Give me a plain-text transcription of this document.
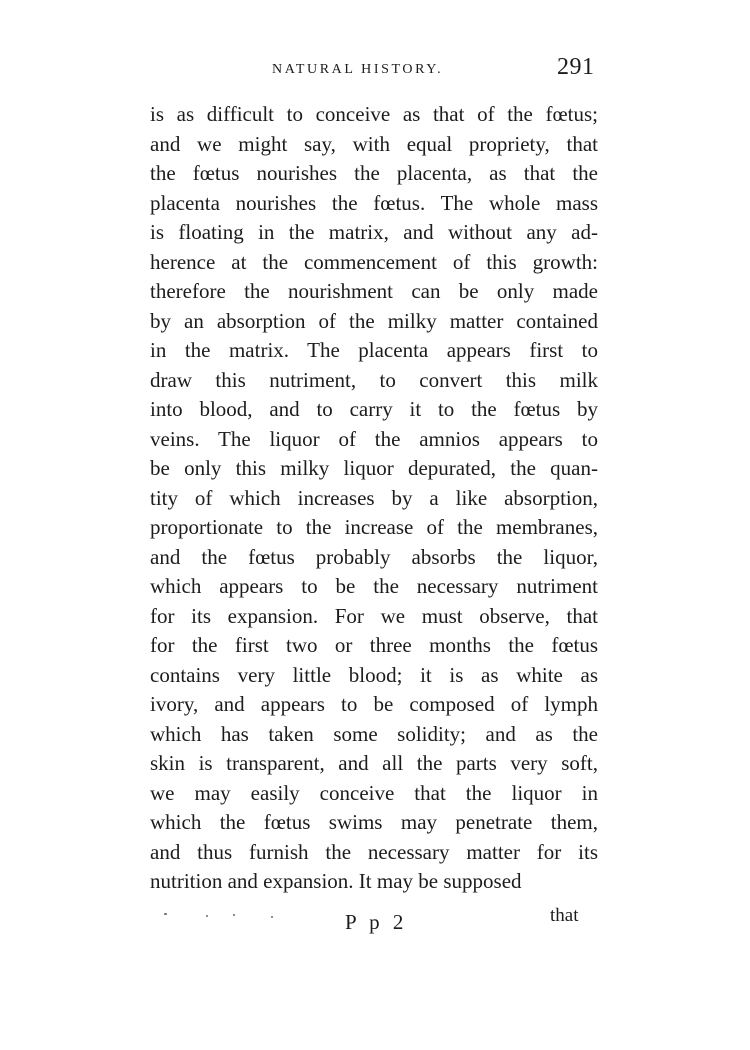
NATURAL HISTORY.	291
is as difficult to conceive as that of the fœtus;
and we might say, with equal propriety, that
the fœtus nourishes the placenta, as that the
placenta nourishes the fœtus. The whole mass
is floating in the matrix, and without any ad-
herence at the commencement of this growth:
therefore the nourishment can be only made
by an absorption of the milky matter contained
in the matrix. The placenta appears first to
draw this nutriment, to convert this milk
into blood, and to carry it to the fœtus by
veins. The liquor of the amnios appears to
be only this milky liquor depurated, the quan-
tity of which increases by a like absorption,
proportionate to the increase of the membranes,
and the fœtus probably absorbs the liquor,
which appears to be the necessary nutriment
for its expansion. For we must observe, that
for the first two or three months the fœtus
contains very little blood; it is as white as
ivory, and appears to be composed of lymph
which has taken some solidity; and as the
skin is transparent, and all the parts very soft,
we may easily conceive that the liquor in
which the fœtus swims may penetrate them,
and thus furnish the necessary matter for its
nutrition and expansion. It may be supposed
P p 2	that
